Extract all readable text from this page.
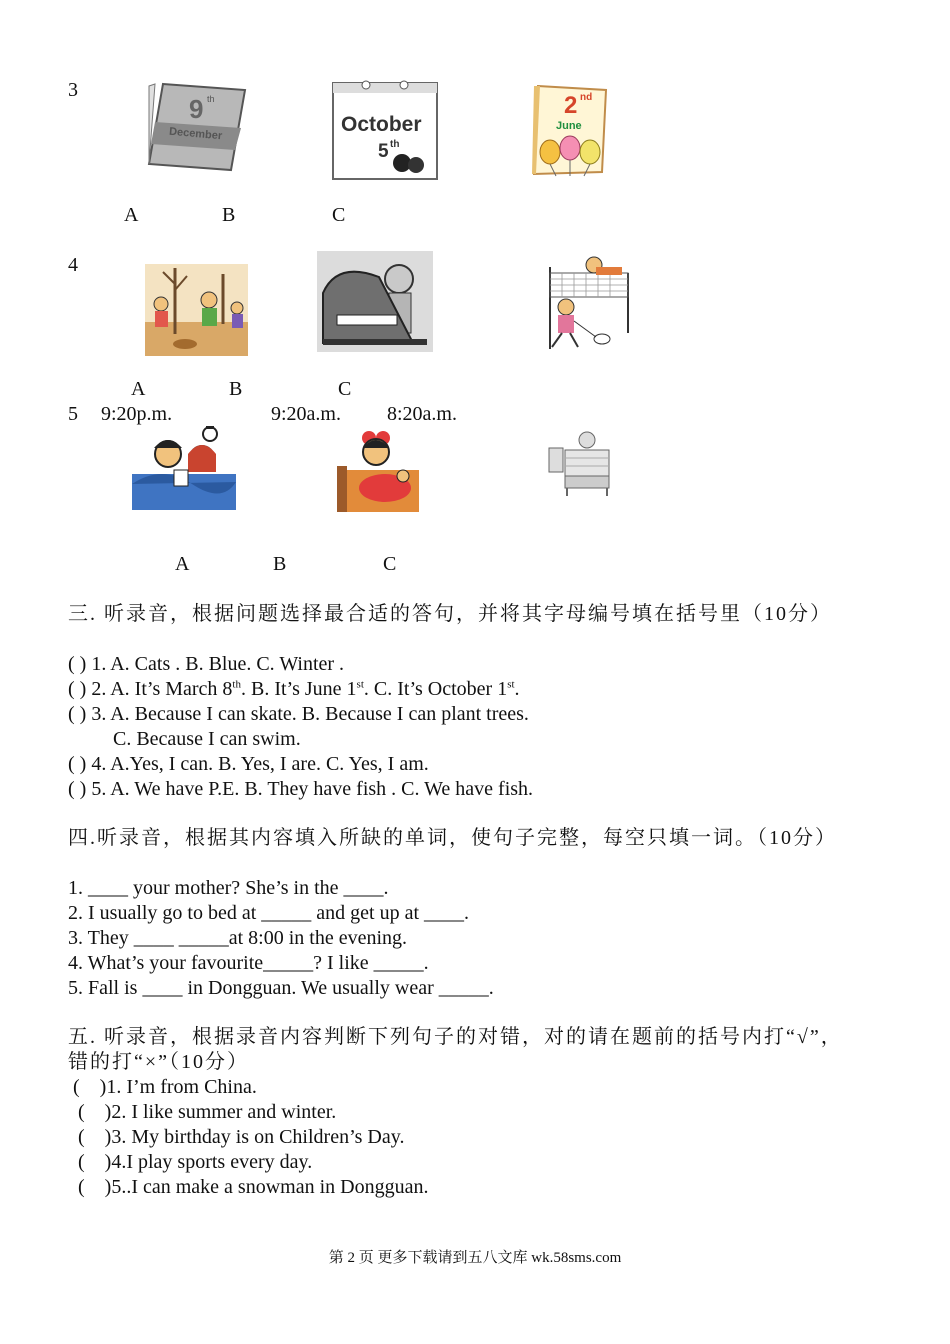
3
9 th
December	October
5 th
2 nd
June
A	B	C
4
A	B	C
5 9:20p.m.	9:20a.m. 8:20a.m.
A	B	C
三. 听录音，根据问题选择最合适的答句，并将其字母编号填在括号里（10分）
( ) 1. A. Cats . B. Blue. C. Winter .
( ) 2. A. It’s March 8th. B. It’s June 1st. C. It’s October 1st.
( ) 3. A. Because I can skate. B. Because I can plant trees.
C. Because I can swim.
( ) 4. A.Yes, I can. B. Yes, I are. C. Yes, I am.
( ) 5. A. We have P.E. B. They have fish . C. We have fish.
四.听录音，根据其内容填入所缺的单词，使句子完整，每空只填一词。（10分）
1. ____ your mother? She’s in the ____.
2. I usually go to bed at _____ and get up at ____.
3. They ____ _____at 8:00 in the evening.
4. What’s your favourite_____? I like _____.
5. Fall is ____ in Dongguan. We usually wear _____.
五. 听录音，根据录音内容判断下列句子的对错，对的请在题前的括号内打“√”，错的打“×”（10分）
(    )1. I’m from China.
(    )2. I like summer and winter.
(    )3. My birthday is on Children’s Day.
(    )4.I play sports every day.
(    )5..I can make a snowman in Dongguan.
第 2 页 更多下载请到五八文库 wk.58sms.com
